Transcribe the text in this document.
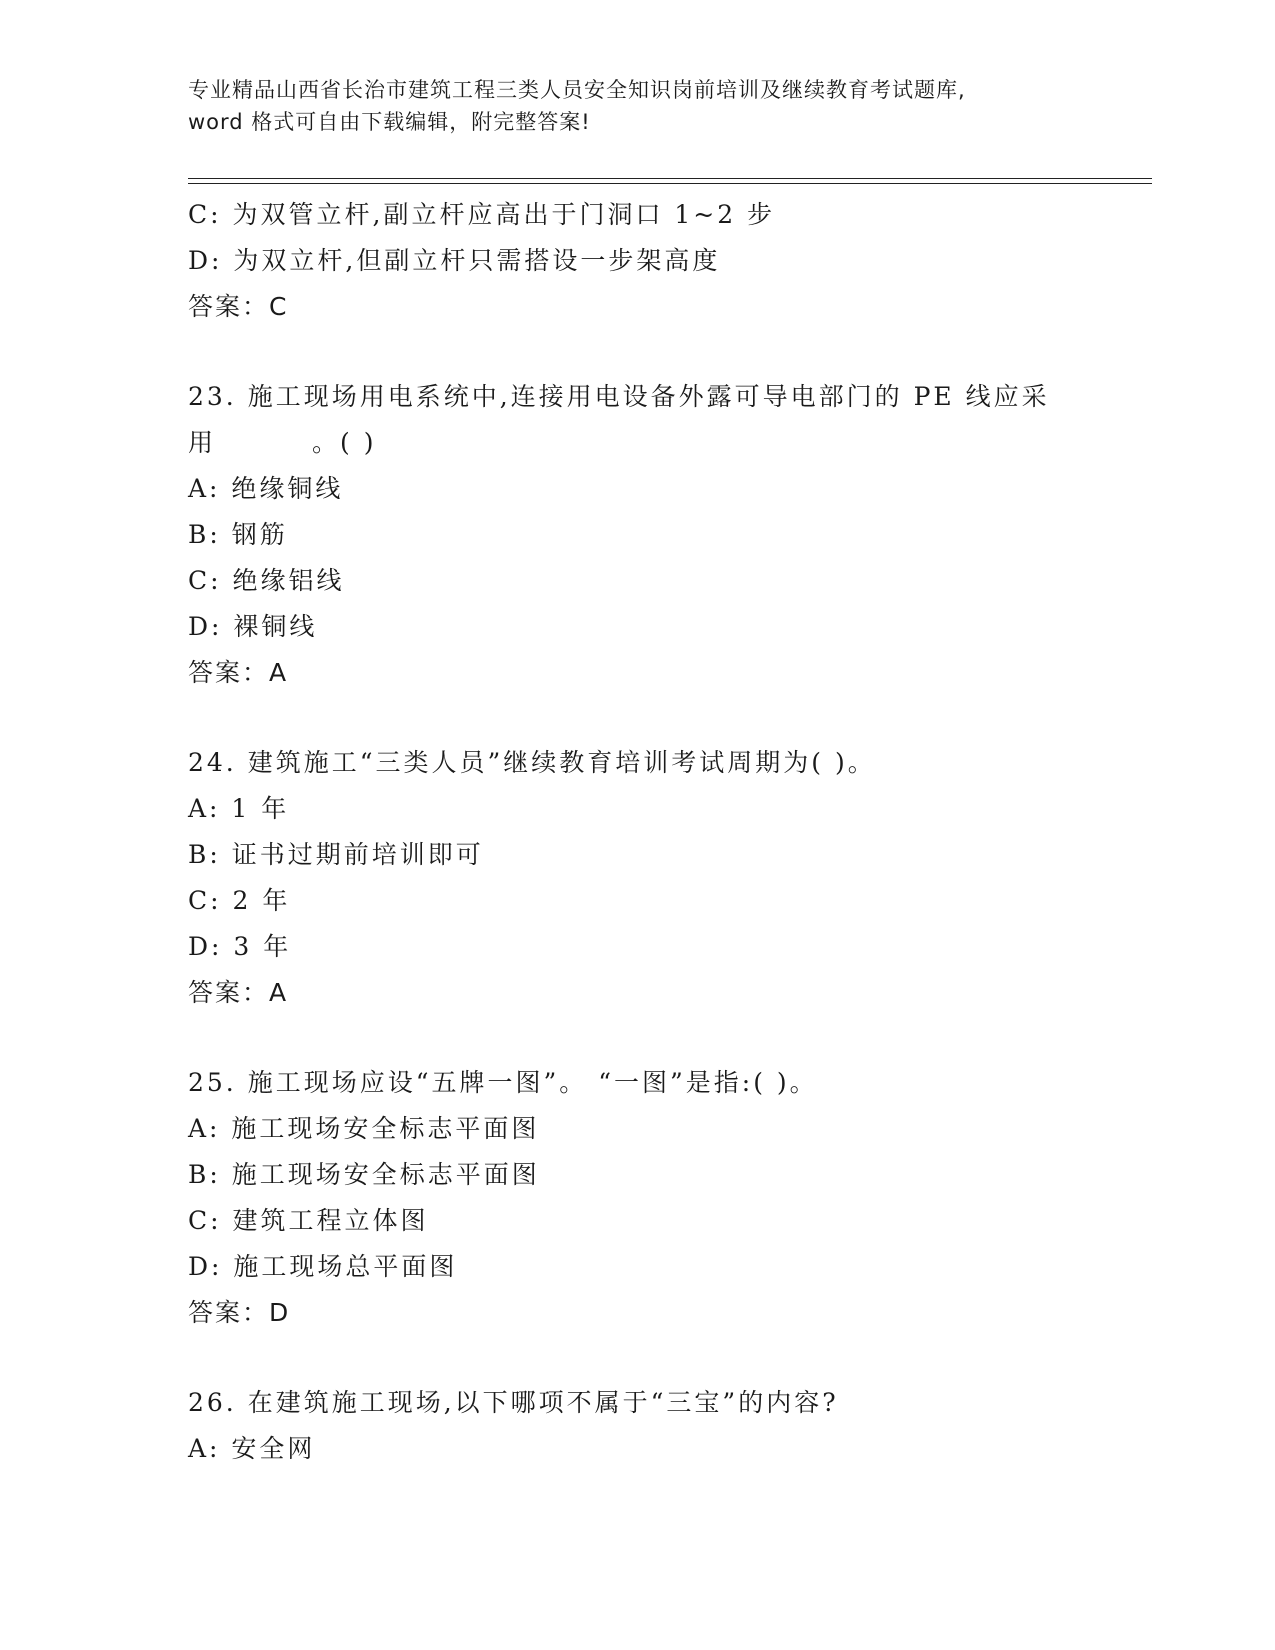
专业精品山西省长治市建筑工程三类人员安全知识岗前培训及继续教育考试题库,
word 格式可自由下载编辑，附完整答案!
C: 为双管立杆,副立杆应高出于门洞口 1~2 步
D: 为双立杆,但副立杆只需搭设一步架高度
答案：C
23. 施工现场用电系统中,连接用电设备外露可导电部门的 PE 线应采
用	。( )
A: 绝缘铜线
B: 钢筋
C: 绝缘铝线
D: 裸铜线
答案：A
24. 建筑施工“三类人员”继续教育培训考试周期为( )。
A: 1 年
B: 证书过期前培训即可
C: 2 年
D: 3 年
答案：A
25. 施工现场应设“五牌一图”。 “一图”是指:( )。
A: 施工现场安全标志平面图
B: 施工现场安全标志平面图
C: 建筑工程立体图
D: 施工现场总平面图
答案：D
26. 在建筑施工现场,以下哪项不属于“三宝”的内容?
A: 安全网
